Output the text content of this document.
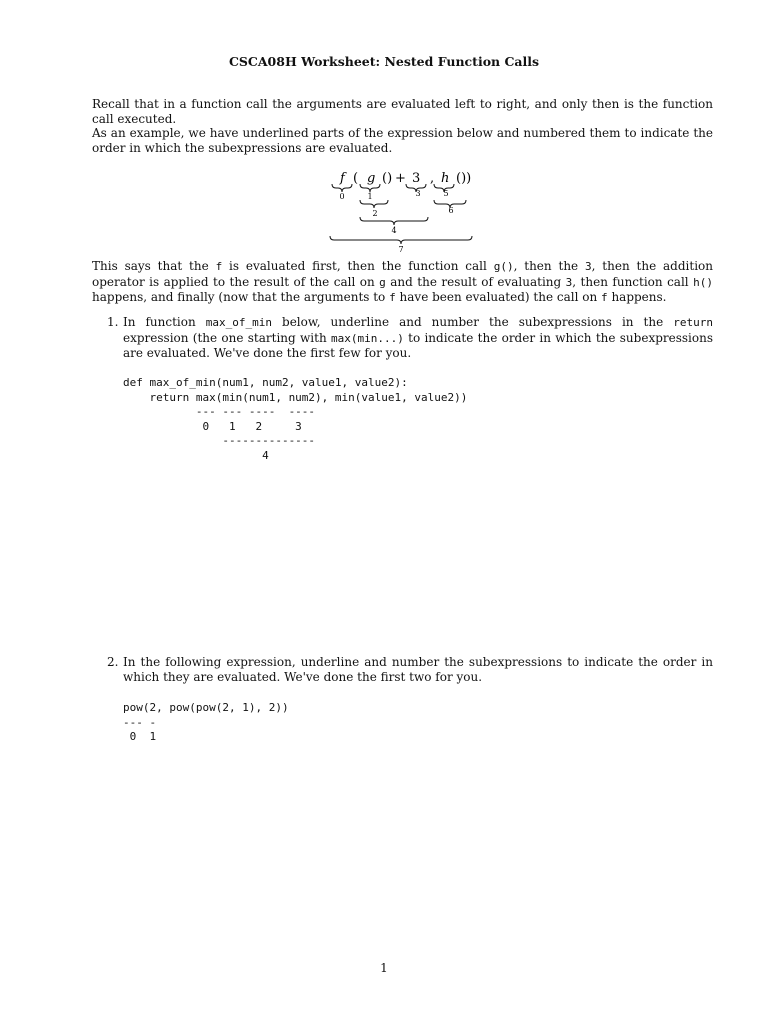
CSCA08H Worksheet: Nested Function Calls
Recall that in a function call the arguments are evaluated left to right, and only then is the function call executed.
As an example, we have underlined parts of the expression below and numbered them to indicate the order in which the subexpressions are evaluated.
f ( g () + 3 , h ())
0	1	3	5
2	6
4
7
This says that the f is evaluated first, then the function call g(), then the 3, then the addition operator is applied to the result of the call on g and the result of evaluating 3, then function call h() happens, and finally (now that the arguments to f have been evaluated) the call on f happens.
1. In function max_of_min below, underline and number the subexpressions in the return expression (the one starting with max(min...) to indicate the order in which the subexpressions are evaluated. We've done the first few for you.
def max_of_min(num1, num2, value1, value2):
return max(min(num1, num2), min(value1, value2))
--- --- ----  ----
0   1   2     3
--------------
4
2. In the following expression, underline and number the subexpressions to indicate the order in which they are evaluated. We've done the first two for you.
pow(2, pow(pow(2, 1), 2))
--- -
0  1
1
